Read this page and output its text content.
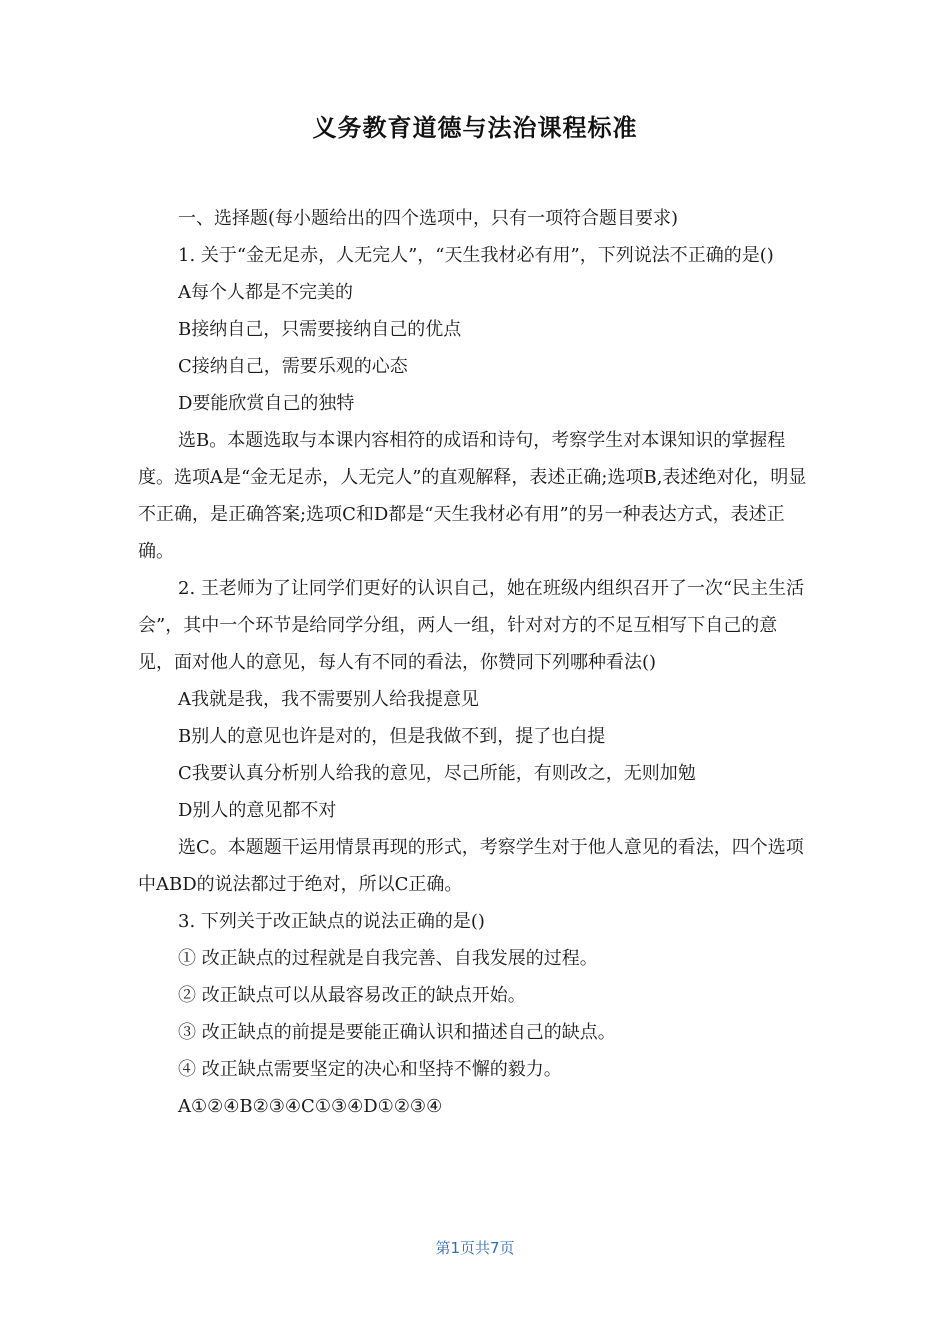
义务教育道德与法治课程标准

一、选择题(每小题给出的四个选项中，只有一项符合题目要求)

1. 关于“金无足赤，人无完人”，“天生我材必有用”，下列说法不正确的是()

A每个人都是不完美的

B接纳自己，只需要接纳自己的优点

C接纳自己，需要乐观的心态

D要能欣赏自己的独特

选B。本题选取与本课内容相符的成语和诗句，考察学生对本课知识的掌握程度。选项A是“金无足赤，人无完人”的直观解释，表述正确;选项B,表述绝对化，明显不正确，是正确答案;选项C和D都是“天生我材必有用”的另一种表达方式，表述正确。

2. 王老师为了让同学们更好的认识自己，她在班级内组织召开了一次“民主生活会”，其中一个环节是给同学分组，两人一组，针对对方的不足互相写下自己的意见，面对他人的意见，每人有不同的看法，你赞同下列哪种看法()

A我就是我，我不需要别人给我提意见

B别人的意见也许是对的，但是我做不到，提了也白提

C我要认真分析别人给我的意见，尽己所能，有则改之，无则加勉

D别人的意见都不对

选C。本题题干运用情景再现的形式，考察学生对于他人意见的看法，四个选项中ABD的说法都过于绝对，所以C正确。

3. 下列关于改正缺点的说法正确的是()

① 改正缺点的过程就是自我完善、自我发展的过程。

② 改正缺点可以从最容易改正的缺点开始。

③ 改正缺点的前提是要能正确认识和描述自己的缺点。

④ 改正缺点需要坚定的决心和坚持不懈的毅力。

A①②④B②③④C①③④D①②③④

第1页共7页
